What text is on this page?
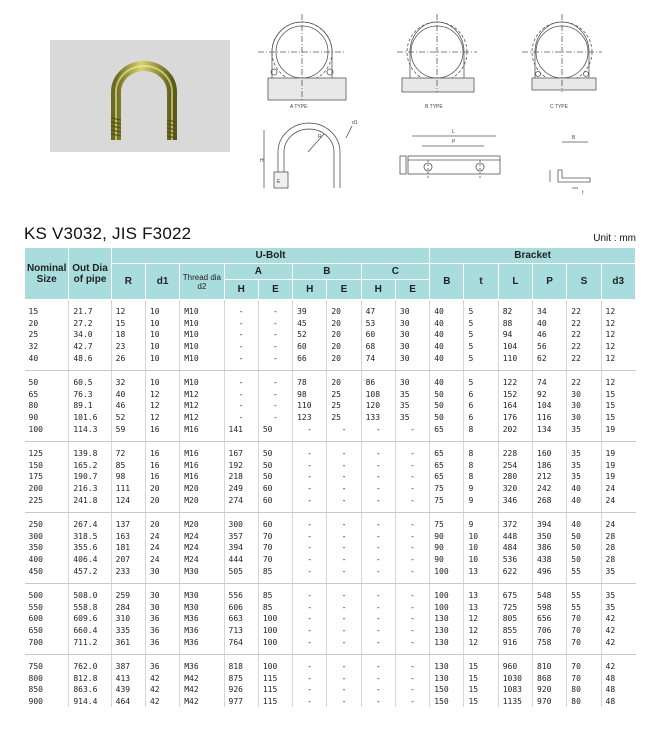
A TYPE	B TYPE	C TYPE
H
R
d1
E
L
P
B
t
KS V3032, JIS F3022	Unit : mm
Nominal Size	Out Dia of pipe	U-Bolt									Bracket					
		R	d1	Thread dia d2	A		B		C		B	t	L	P	S	d3
					H	E	H	E	H	E						
15	21.7	12	10	M10	-	-	39	20	47	30	40	5	82	34	22	12
20	27.2	15	10	M10	-	-	45	20	53	30	40	5	88	40	22	12
25	34.0	18	10	M10	-	-	52	20	60	30	40	5	94	46	22	12
32	42.7	23	10	M10	-	-	60	20	68	30	40	5	104	56	22	12
40	48.6	26	10	M10	-	-	66	20	74	30	40	5	110	62	22	12
50	60.5	32	10	M10	-	-	78	20	86	30	40	5	122	74	22	12
65	76.3	40	12	M12	-	-	98	25	108	35	50	6	152	92	30	15
80	89.1	46	12	M12	-	-	110	25	120	35	50	6	164	104	30	15
90	101.6	52	12	M12	-	-	123	25	133	35	50	6	176	116	30	15
100	114.3	59	16	M16	141	50	-	-	-	-	65	8	202	134	35	19
125	139.8	72	16	M16	167	50	-	-	-	-	65	8	228	160	35	19
150	165.2	85	16	M16	192	50	-	-	-	-	65	8	254	186	35	19
175	190.7	98	16	M16	218	50	-	-	-	-	65	8	280	212	35	19
200	216.3	111	20	M20	249	60	-	-	-	-	75	9	320	242	40	24
225	241.8	124	20	M20	274	60	-	-	-	-	75	9	346	268	40	24
250	267.4	137	20	M20	300	60	-	-	-	-	75	9	372	394	40	24
300	318.5	163	24	M24	357	70	-	-	-	-	90	10	448	350	50	28
350	355.6	181	24	M24	394	70	-	-	-	-	90	10	484	386	50	28
400	406.4	207	24	M24	444	70	-	-	-	-	90	10	536	438	50	28
450	457.2	233	30	M30	505	85	-	-	-	-	100	13	622	496	55	35
500	508.0	259	30	M30	556	85	-	-	-	-	100	13	675	548	55	35
550	558.8	284	30	M30	606	85	-	-	-	-	100	13	725	598	55	35
600	609.6	310	36	M36	663	100	-	-	-	-	130	12	805	656	70	42
650	660.4	335	36	M36	713	100	-	-	-	-	130	12	855	706	70	42
700	711.2	361	36	M36	764	100	-	-	-	-	130	12	916	758	70	42
750	762.0	387	36	M36	818	100	-	-	-	-	130	15	960	810	70	42
800	812.8	413	42	M42	875	115	-	-	-	-	130	15	1030	868	70	48
850	863.6	439	42	M42	926	115	-	-	-	-	150	15	1083	920	80	48
900	914.4	464	42	M42	977	115	-	-	-	-	150	15	1135	970	80	48
